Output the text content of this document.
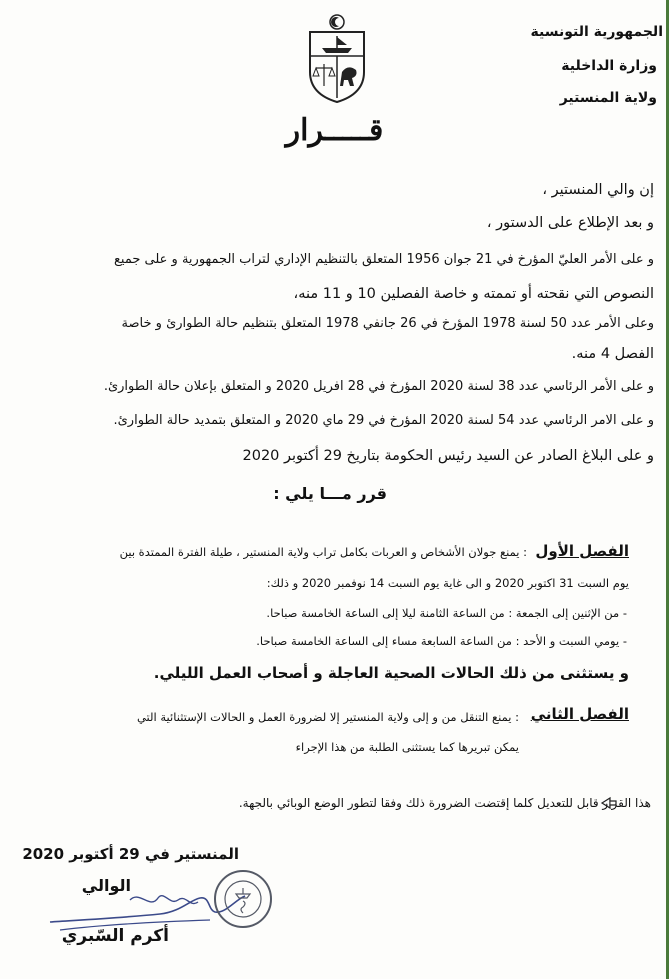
الجمهورية التونسية
وزارة الداخلية
ولاية المنستير
قـــــرار
إن والي المنستير ،
و بعد الإطلاع على الدستور ،
و على الأمر العليّ المؤرخ في 21 جوان 1956 المتعلق بالتنظيم الإداري لتراب الجمهورية و على جميع
النصوص التي نقحته أو تممته و خاصة الفصلين 10 و 11 منه،
وعلى الأمر عدد 50 لسنة 1978 المؤرخ في 26 جانفي 1978 المتعلق بتنظيم حالة الطوارئ و خاصة
الفصل 4 منه.
و على الأمر الرئاسي عدد 38 لسنة 2020 المؤرخ في 28 افريل 2020 و المتعلق بإعلان حالة الطوارئ.
و على الامر الرئاسي عدد 54 لسنة 2020 المؤرخ في 29 ماي 2020 و المتعلق بتمديد حالة الطوارئ.
و على البلاغ الصادر عن السيد رئيس الحكومة بتاريخ 29 أكتوبر 2020
قرر مـــا يلي :
الفصل الأول
: يمنع جولان الأشخاص و العربات بكامل تراب ولاية المنستير ، طيلة الفترة الممتدة بين
يوم السبت 31 اكتوبر 2020 و الى غاية يوم السبت 14 نوفمبر 2020 و ذلك:
- من الإثنين إلى الجمعة : من الساعة الثامنة ليلا إلى الساعة الخامسة صباحا.
- يومي السبت و الأحد : من الساعة السابعة مساء إلى الساعة الخامسة صباحا.
و يستثنى من ذلك الحالات الصحية العاجلة و أصحاب العمل الليلي.
الفصل الثاني
: يمنع التنقل من و إلى ولاية المنستير إلا لضرورة العمل و الحالات الإستثنائية التي
يمكن تبريرها كما يستثنى الطلبة من هذا الإجراء
هذا القرار قابل للتعديل كلما إقتضت الضرورة ذلك وفقا لتطور الوضع الوبائي بالجهة.
المنستير في 29 أكتوبر 2020
الوالي
أكرم السّبري
